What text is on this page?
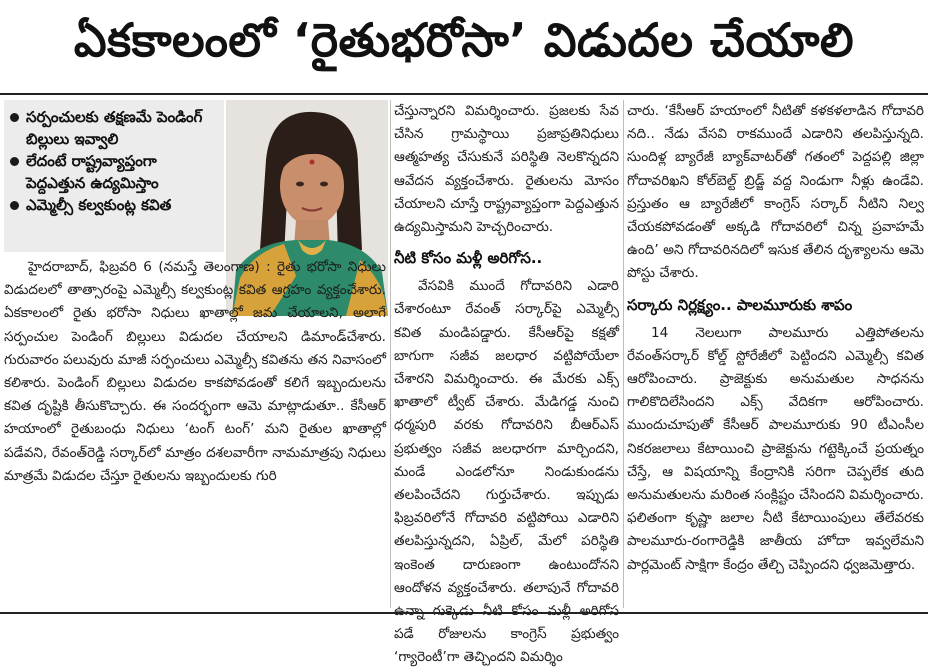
ఏకకాలంలో ‘రైతుభరోసా’ విడుదల చేయాలి
సర్పంచులకు తక్షణమే పెండింగ్ బిల్లులు ఇవ్వాలి
లేదంటే రాష్ట్రవ్యాప్తంగా పెద్దఎత్తున ఉద్యమిస్తాం
ఎమ్మెల్సీ కల్వకుంట్ల కవిత

హైదరాబాద్, ఫిబ్రవరి 6 (నమస్తే తెలంగాణ) : రైతు భరోసా నిధులు విడుదలలో తాత్సారంపై ఎమ్మెల్సీ కల్వకుంట్ల కవిత ఆగ్రహం వ్యక్తంచేశారు. ఏకకాలంలో రైతు భరోసా నిధులు ఖాతాల్లో జమ చేయాలని, అలాగే సర్పంచుల పెండింగ్ బిల్లులు విడుదల చేయాలని డిమాండ్‌చేశారు. గురువారం పలువురు మాజీ సర్పంచులు ఎమ్మెల్సీ కవితను తన నివాసంలో కలిశారు. పెండింగ్ బిల్లులు విడుదల కాకపోవడంతో కలిగే ఇబ్బందులను కవిత దృష్టికి తీసుకొచ్చారు. ఈ సందర్భంగా ఆమె మాట్లాడుతూ.. కేసీఆర్ హయాంలో రైతుబంధు నిధులు ‘టంగ్ టంగ్’ మని రైతుల ఖాతాల్లో పడేవని, రేవంత్‌రెడ్డి సర్కార్‌లో మాత్రం దశలవారీగా నామమాత్రపు నిధులు మాత్రమే విడుదల చేస్తూ రైతులను ఇబ్బందులకు గురి

చేస్తున్నారని విమర్శించారు. ప్రజలకు సేవ చేసిన గ్రామస్థాయి ప్రజాప్రతినిధులు ఆత్మహత్య చేసుకునే పరిస్థితి నెలకొన్నదని ఆవేదన వ్యక్తంచేశారు. రైతులను మోసం చేయాలని చూస్తే రాష్ట్రవ్యాప్తంగా పెద్దఎత్తున ఉద్యమిస్తామని హెచ్చరించారు.

నీటి కోసం మళ్లీ అరిగోస..

వేసవికి ముందే గోదావరిని ఎడారి చేశారంటూ రేవంత్ సర్కార్‌పై ఎమ్మెల్సీ కవిత మండిపడ్డారు. కేసీఆర్‌పై కక్షతో బాగుగా సజీవ జలధార వట్టిపోయేలా చేశారని విమర్శించారు. ఈ మేరకు ఎక్స్ ఖాతాలో ట్వీట్ చేశారు. మేడిగడ్డ నుంచి ధర్మపురి వరకు గోదావరిని బీఆర్‌ఎస్ ప్రభుత్వం సజీవ జలధారగా మార్చిందని, మండే ఎండలోనూ నిండుకుండను తలపించేదని గుర్తుచేశారు. ఇప్పుడు ఫిబ్రవరిలోనే గోదావరి వట్టిపోయి ఎడారిని తలపిస్తున్నదని, ఏప్రిల్, మేలో పరిస్థితి ఇంకెంత దారుణంగా ఉంటుందోనని ఆందోళన వ్యక్తంచేశారు. తలాపునే గోదావరి పడే రోజులను కాంగ్రెస్ ప్రభుత్వం ‘గ్యారెంటీ’గా తెచ్చిందని విమర్శిం

చారు. ‘కేసీఆర్ హయాంలో నీటితో కళకళలాడిన గోదావరి నది.. నేడు వేసవి రాకముందే ఎడారిని తలపిస్తున్నది. సుందిళ్ల బ్యారేజీ బ్యాక్‌వాటర్‌తో గతంలో పెద్దపల్లి జిల్లా గోదావరిఖని కోల్‌బెల్ట్ బ్రిడ్జ్ వద్ద నిండుగా నీళ్లు ఉండేవి. ప్రస్తుతం ఆ బ్యారేజీలో కాంగ్రెస్ సర్కార్ నీటిని నిల్వ చేయకపోవడంతో అక్కడి గోదావరిలో చిన్న ప్రవాహమే ఉంది’ అని గోదావరినదిలో ఇసుక తేలిన దృశ్యాలను ఆమె పోస్టు చేశారు.

సర్కారు నిర్లక్ష్యం.. పాలమూరుకు శాపం

14 నెలలుగా పాలమూరు ఎత్తిపోతలను రేవంత్‌సర్కార్ కోల్డ్ స్టోరేజీలో పెట్టిందని ఎమ్మెల్సీ కవిత ఆరోపించారు. ప్రాజెక్టుకు అనుమతుల సాధనను గాలికొదిలేసిందని ఎక్స్ వేదికగా ఆరోపించారు. ముందుచూపుతో కేసీఆర్ పాలమూరుకు 90 టీఎంసీల నికరజలాలు కేటాయించి ప్రాజెక్టును గట్టెక్కించే ప్రయత్నం చేస్తే, ఆ విషయాన్ని కేంద్రానికి సరిగా చెప్పలేక తుది అనుమతులను మరింత సంక్లిష్టం చేసిందని విమర్శించారు. ఫలితంగా కృష్ణా జలాల నీటి కేటాయింపులు తేలేవరకు పాలమూరు-రంగారెడ్డికి జాతీయ హోదా ఇవ్వలేమని పార్లమెంట్ సాక్షిగా కేంద్రం తేల్చి చెప్పిందని ధ్వజమెత్తారు.
